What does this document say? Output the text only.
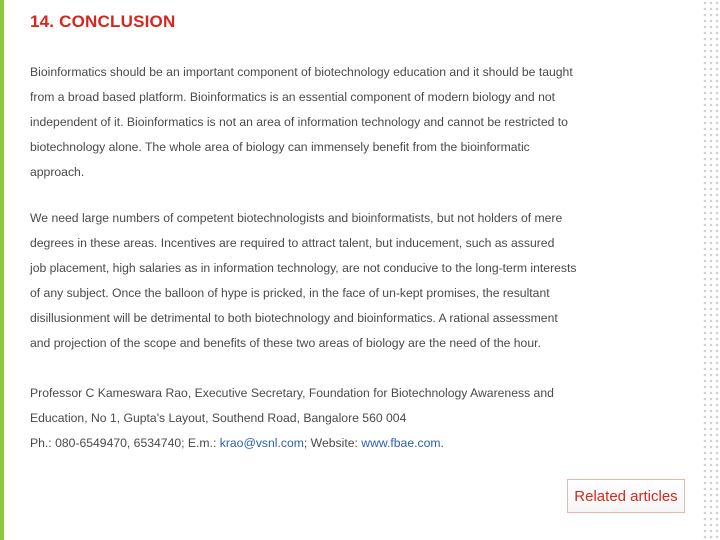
14. CONCLUSION

Bioinformatics should be an important component of biotechnology education and it should be taught
from a broad based platform. Bioinformatics is an essential component of modern biology and not
independent of it. Bioinformatics is not an area of information technology and cannot be restricted to
biotechnology alone. The whole area of biology can immensely benefit from the bioinformatic
approach.

We need large numbers of competent biotechnologists and bioinformatists, but not holders of mere
degrees in these areas. Incentives are required to attract talent, but inducement, such as assured
job placement, high salaries as in information technology, are not conducive to the long-term interests
of any subject. Once the balloon of hype is pricked, in the face of un-kept promises, the resultant
disillusionment will be detrimental to both biotechnology and bioinformatics. A rational assessment
and projection of the scope and benefits of these two areas of biology are the need of the hour.

Professor C Kameswara Rao, Executive Secretary, Foundation for Biotechnology Awareness and
Education, No 1, Gupta's Layout, Southend Road, Bangalore 560 004
Ph.: 080-6549470, 6534740; E.m.: krao@vsnl.com; Website: www.fbae.com.

Related articles
